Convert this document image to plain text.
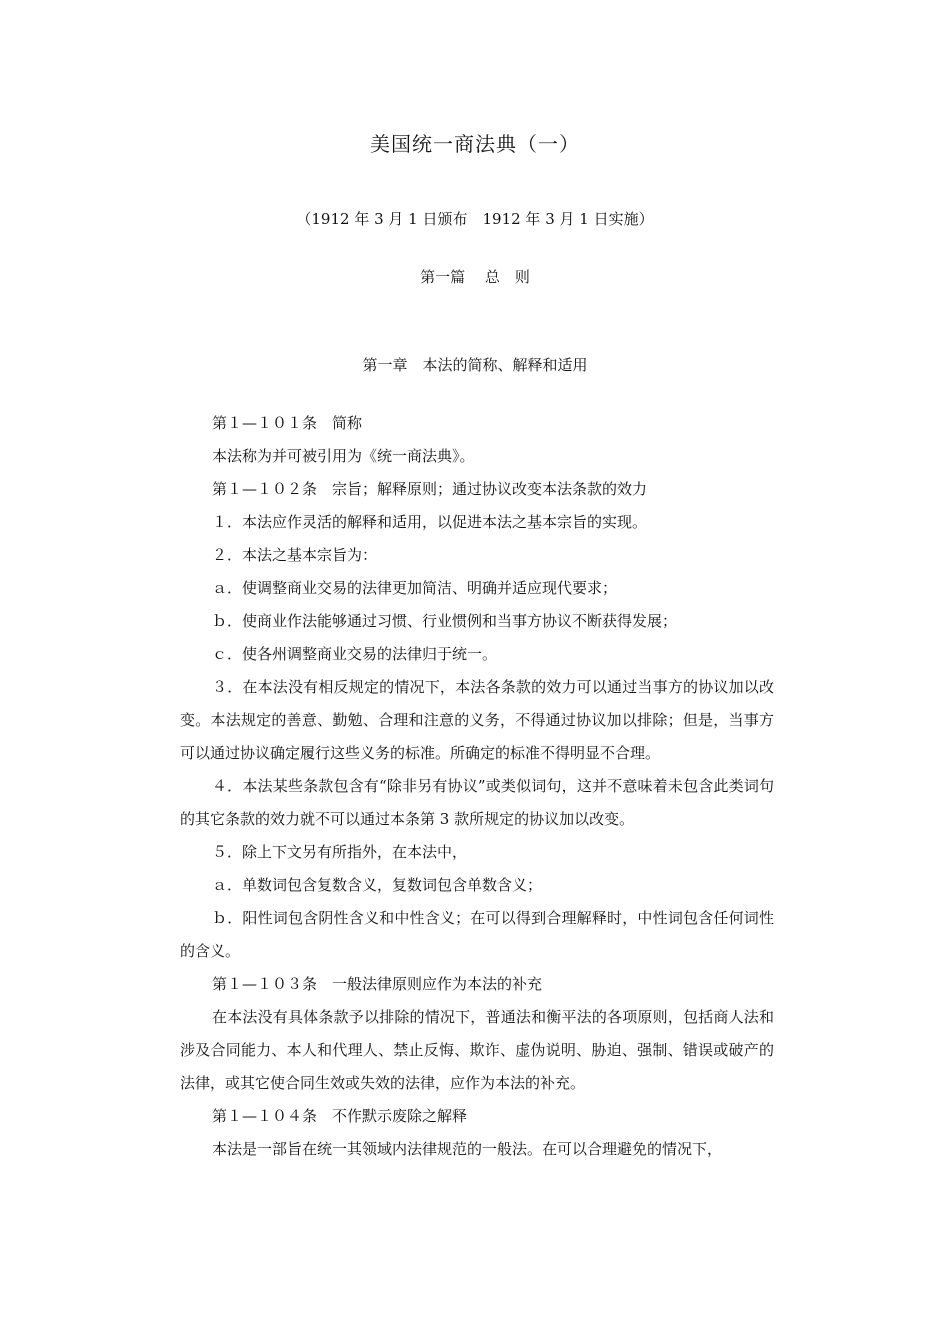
美国统一商法典（一）
（1912 年 3 月 1 日颁布　1912 年 3 月 1 日实施）
第一篇　 总　则
第一章　本法的简称、解释和适用

第１—１０１条　简称

本法称为并可被引用为《统一商法典》。

第１—１０２条　宗旨；解释原则；通过协议改变本法条款的效力

１．本法应作灵活的解释和适用，以促进本法之基本宗旨的实现。

２．本法之基本宗旨为：

ａ．使调整商业交易的法律更加简洁、明确并适应现代要求；

ｂ．使商业作法能够通过习惯、行业惯例和当事方协议不断获得发展；

ｃ．使各州调整商业交易的法律归于统一。

３．在本法没有相反规定的情况下，本法各条款的效力可以通过当事方的协议加以改变。本法规定的善意、勤勉、合理和注意的义务，不得通过协议加以排除；但是，当事方可以通过协议确定履行这些义务的标准。所确定的标准不得明显不合理。

４．本法某些条款包含有“除非另有协议”或类似词句，这并不意味着未包含此类词句的其它条款的效力就不可以通过本条第 3 款所规定的协议加以改变。

５．除上下文另有所指外，在本法中，

ａ．单数词包含复数含义，复数词包含单数含义；

ｂ．阳性词包含阴性含义和中性含义；在可以得到合理解释时，中性词包含任何词性的含义。

第１—１０３条　一般法律原则应作为本法的补充

在本法没有具体条款予以排除的情况下，普通法和衡平法的各项原则，包括商人法和涉及合同能力、本人和代理人、禁止反悔、欺诈、虚伪说明、胁迫、强制、错误或破产的法律，或其它使合同生效或失效的法律，应作为本法的补充。

第１—１０４条　不作默示废除之解释

本法是一部旨在统一其领域内法律规范的一般法。在可以合理避免的情况下，
